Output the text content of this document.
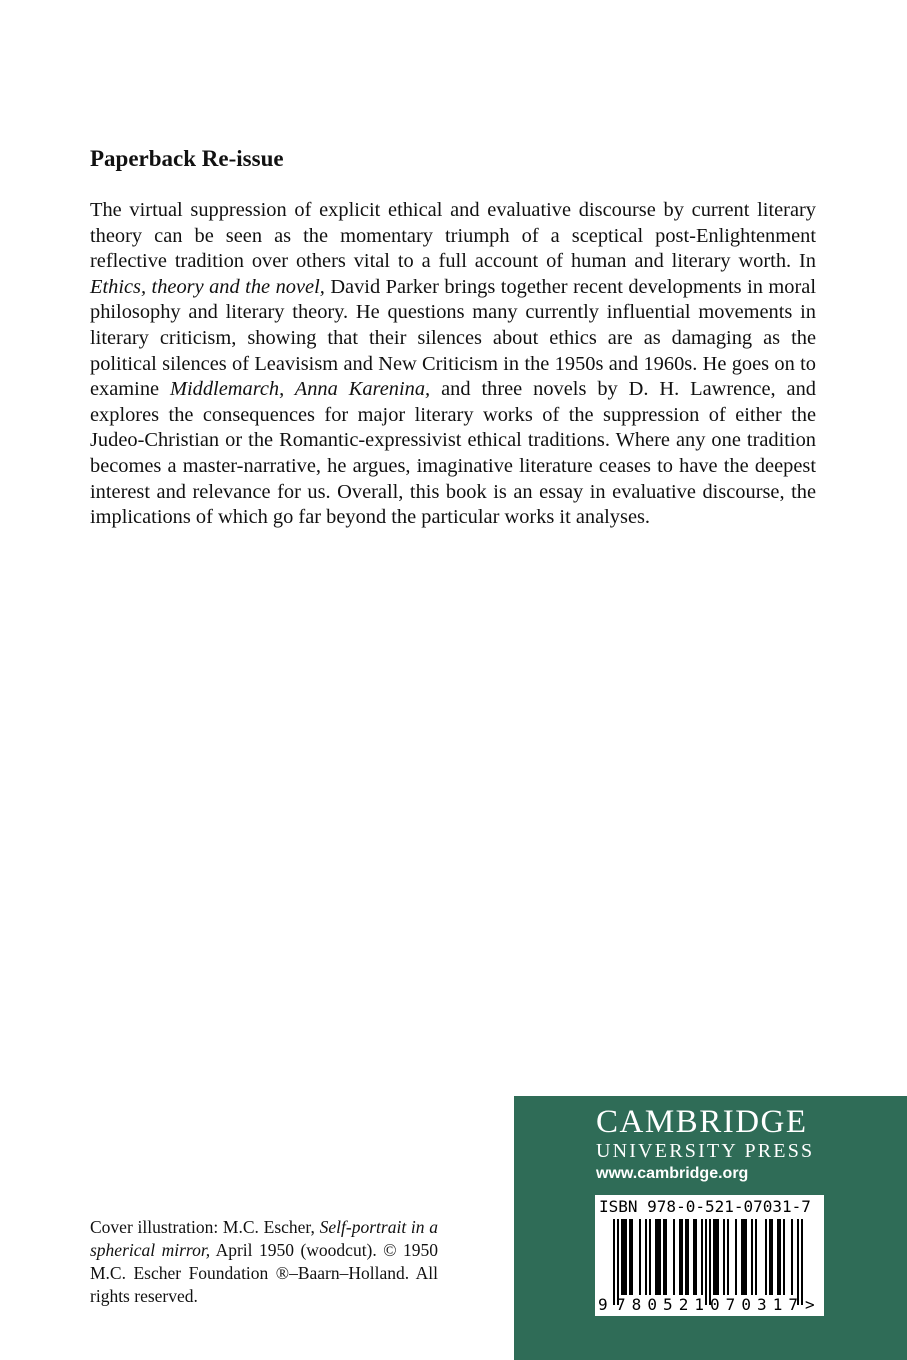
Paperback Re-issue

The virtual suppression of explicit ethical and evaluative discourse by current literary theory can be seen as the momentary triumph of a sceptical post-Enlightenment reflective tradition over others vital to a full account of human and literary worth. In Ethics, theory and the novel, David Parker brings together recent developments in moral philosophy and literary theory. He questions many currently influential movements in literary criticism, showing that their silences about ethics are as damaging as the political silences of Leavisism and New Criticism in the 1950s and 1960s. He goes on to examine Middlemarch, Anna Karenina, and three novels by D. H. Lawrence, and explores the consequences for major literary works of the suppression of either the Judeo-Christian or the Romantic-expressivist ethical traditions. Where any one tradition becomes a master-narrative, he argues, imaginative literature ceases to have the deepest interest and relevance for us. Overall, this book is an essay in evaluative discourse, the implications of which go far beyond the particular works it analyses.

Cover illustration: M.C. Escher, Self-portrait in a spherical mirror, April 1950 (woodcut). © 1950 M.C. Escher Foundation ®–Baarn–Holland. All rights reserved.

CAMBRIDGE
UNIVERSITY PRESS
www.cambridge.org
ISBN 978-0-521-07031-7
9 780521 070317 >
